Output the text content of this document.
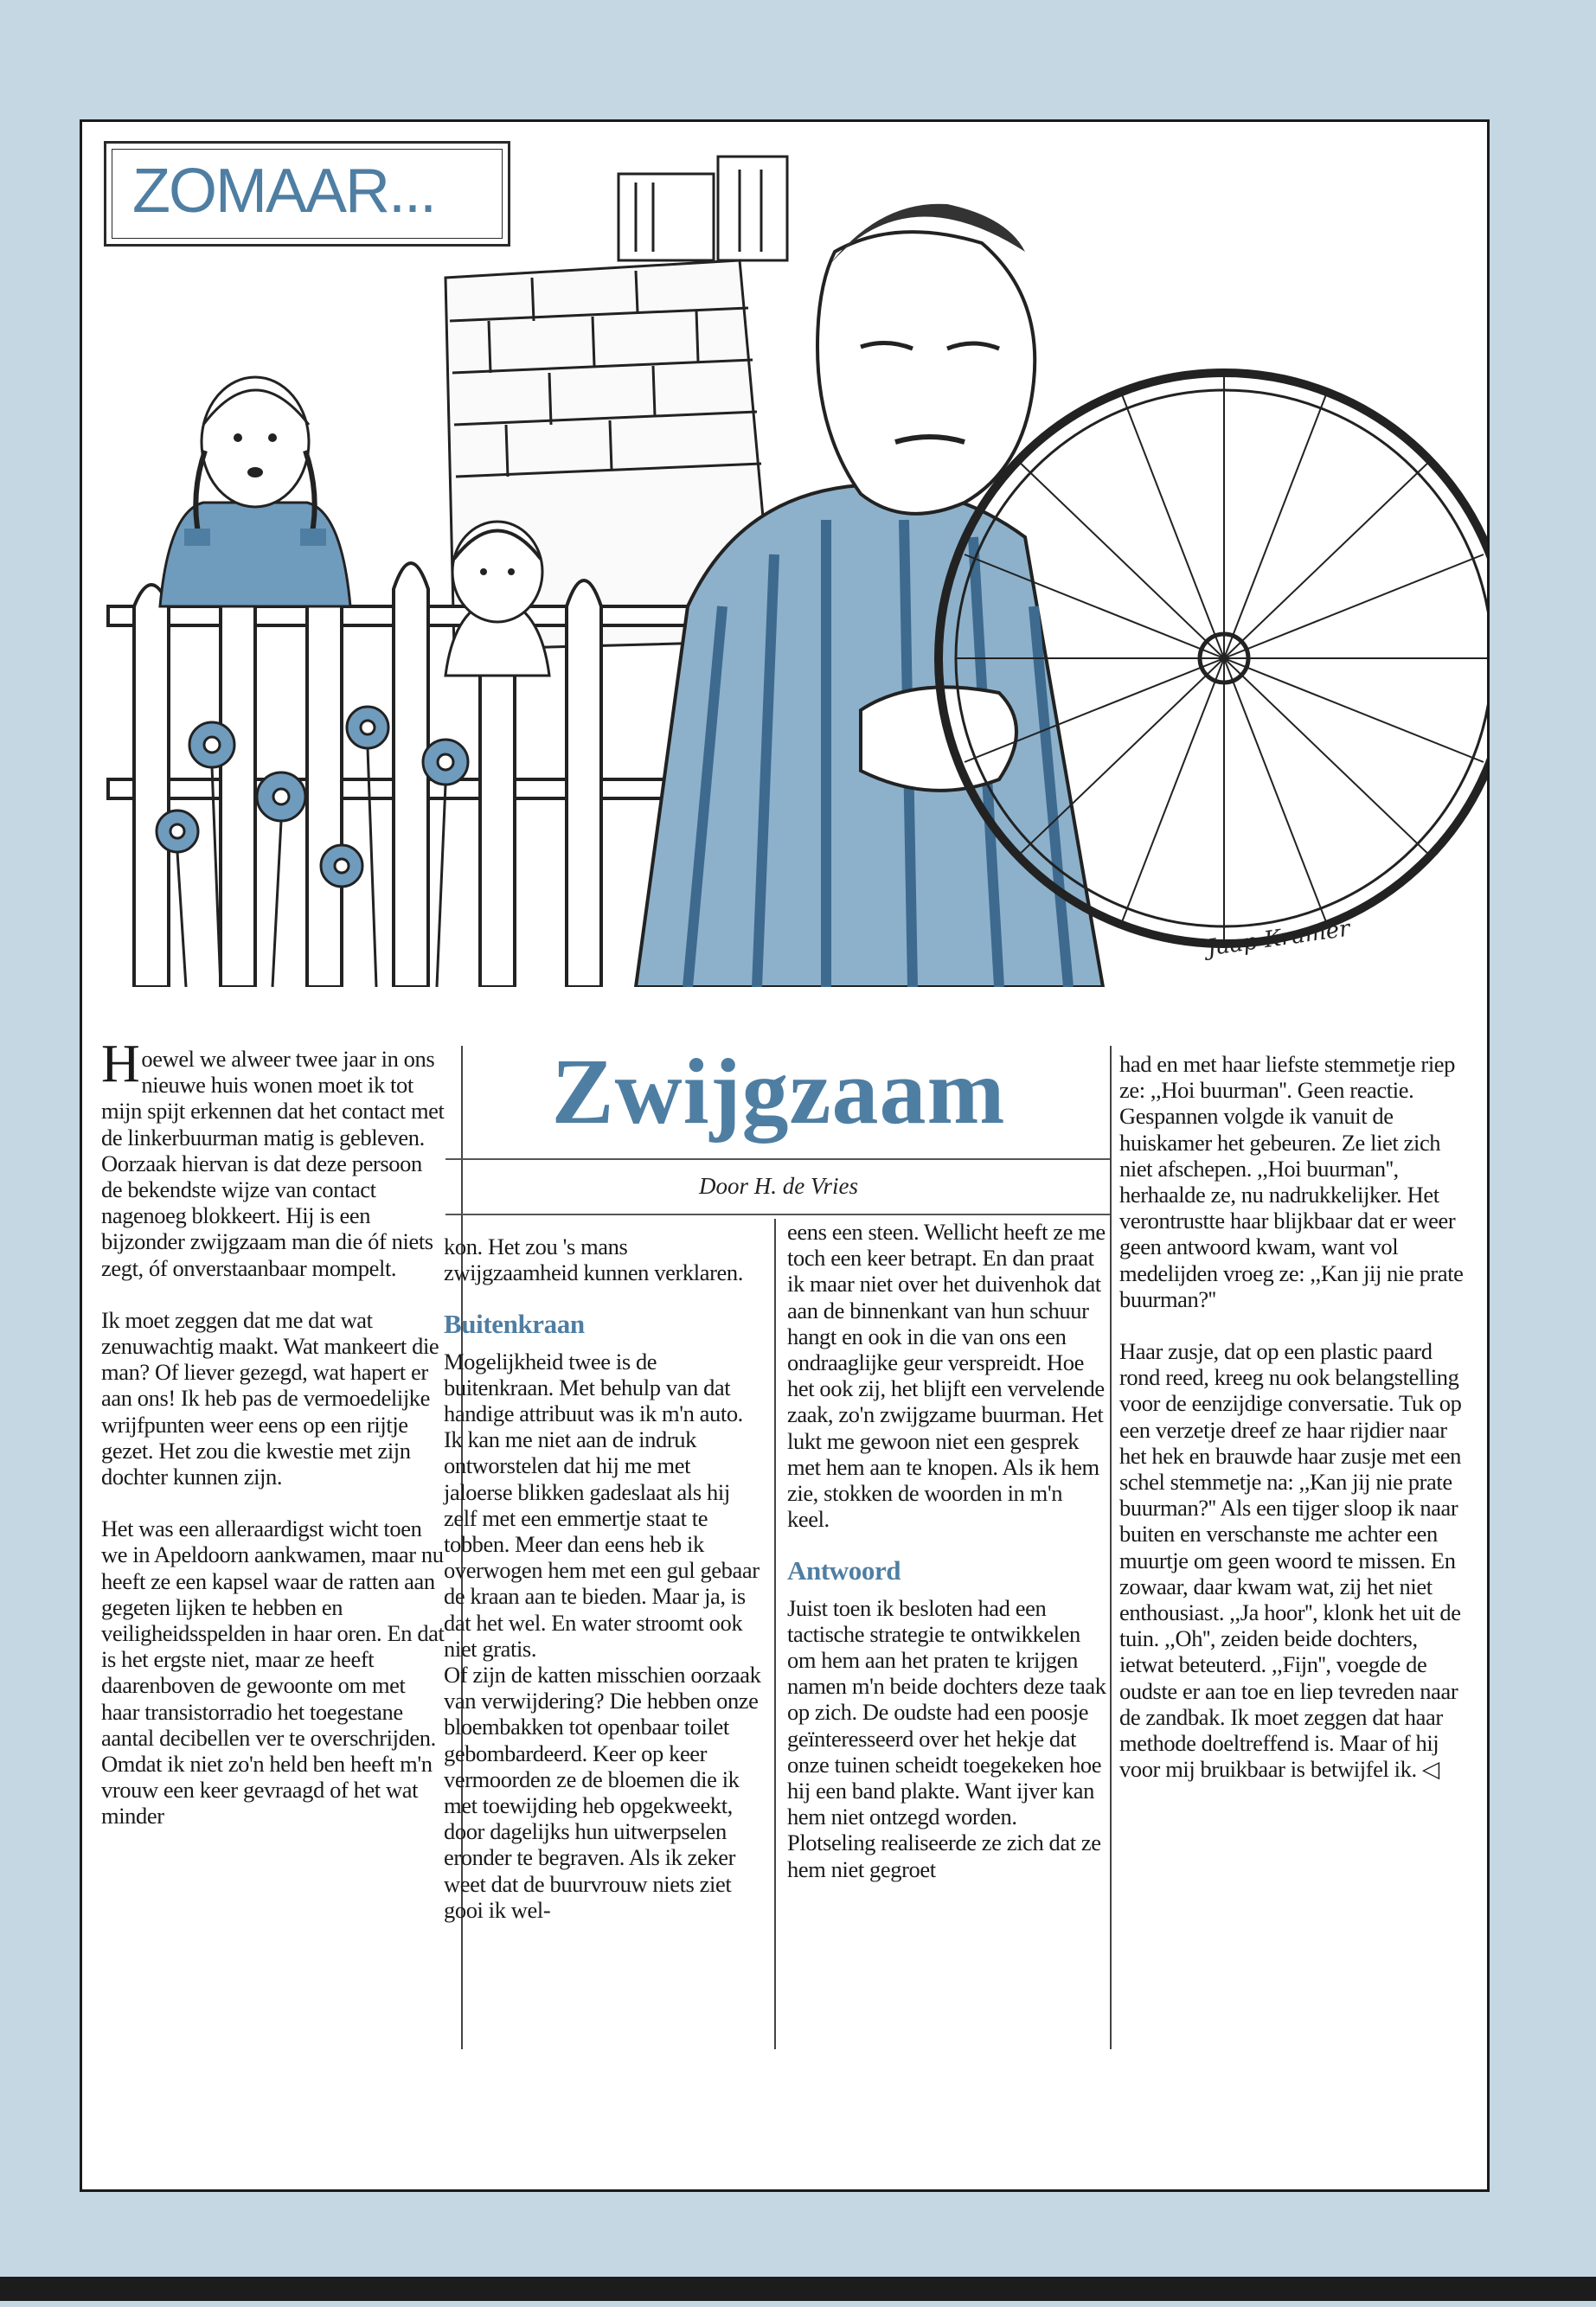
ZOMAAR...
Jaap Kramer

Hoewel we alweer twee jaar in ons nieuwe huis wonen moet ik tot mijn spijt erkennen dat het contact met de linkerbuurman matig is gebleven. Oorzaak hiervan is dat deze persoon de bekendste wijze van contact nagenoeg blokkeert. Hij is een bijzonder zwijgzaam man die óf niets zegt, óf onverstaanbaar mompelt.

Ik moet zeggen dat me dat wat zenuwachtig maakt. Wat mankeert die man? Of liever gezegd, wat hapert er aan ons! Ik heb pas de vermoedelijke wrijfpunten weer eens op een rijtje gezet. Het zou die kwestie met zijn dochter kunnen zijn.

Het was een alleraardigst wicht toen we in Apeldoorn aankwamen, maar nu heeft ze een kapsel waar de ratten aan gegeten lijken te hebben en veiligheidsspelden in haar oren. En dat is het ergste niet, maar ze heeft daarenboven de gewoonte om met haar transistorradio het toegestane aantal decibellen ver te overschrijden.

Omdat ik niet zo'n held ben heeft m'n vrouw een keer gevraagd of het wat minder

Zwijgzaam
Door H. de Vries

kon. Het zou 's mans zwijgzaamheid kunnen verklaren.

Buitenkraan

Mogelijkheid twee is de buitenkraan. Met behulp van dat handige attribuut was ik m'n auto. Ik kan me niet aan de indruk ontworstelen dat hij me met jaloerse blikken gadeslaat als hij zelf met een emmertje staat te tobben. Meer dan eens heb ik overwogen hem met een gul gebaar de kraan aan te bieden. Maar ja, is dat het wel. En water stroomt ook niet gratis.

Of zijn de katten misschien oorzaak van verwijdering? Die hebben onze bloembakken tot openbaar toilet gebombardeerd. Keer op keer vermoorden ze de bloemen die ik met toewijding heb opgekweekt, door dagelijks hun uitwerpselen eronder te begraven. Als ik zeker weet dat de buurvrouw niets ziet gooi ik wel-

eens een steen. Wellicht heeft ze me toch een keer betrapt. En dan praat ik maar niet over het duivenhok dat aan de binnenkant van hun schuur hangt en ook in die van ons een ondraaglijke geur verspreidt. Hoe het ook zij, het blijft een vervelende zaak, zo'n zwijgzame buurman. Het lukt me gewoon niet een gesprek met hem aan te knopen. Als ik hem zie, stokken de woorden in m'n keel.

Antwoord

Juist toen ik besloten had een tactische strategie te ontwikkelen om hem aan het praten te krijgen namen m'n beide dochters deze taak op zich. De oudste had een poosje geïnteresseerd over het hekje dat onze tuinen scheidt toegekeken hoe hij een band plakte. Want ijver kan hem niet ontzegd worden.

Plotseling realiseerde ze zich dat ze hem niet gegroet

had en met haar liefste stemmetje riep ze: ,,Hoi buurman''. Geen reactie. Gespannen volgde ik vanuit de huiskamer het gebeuren. Ze liet zich niet afschepen. ,,Hoi buurman'', herhaalde ze, nu nadrukkelijker. Het verontrustte haar blijkbaar dat er weer geen antwoord kwam, want vol medelijden vroeg ze: ,,Kan jij nie prate buurman?''

Haar zusje, dat op een plastic paard rond reed, kreeg nu ook belangstelling voor de eenzijdige conversatie. Tuk op een verzetje dreef ze haar rijdier naar het hek en brauwde haar zusje met een schel stemmetje na: ,,Kan jij nie prate buurman?'' Als een tijger sloop ik naar buiten en verschanste me achter een muurtje om geen woord te missen. En zowaar, daar kwam wat, zij het niet enthousiast. ,,Ja hoor'', klonk het uit de tuin. ,,Oh'', zeiden beide dochters, ietwat beteuterd. ,,Fijn'', voegde de oudste er aan toe en liep tevreden naar de zandbak. Ik moet zeggen dat haar methode doeltreffend is. Maar of hij voor mij bruikbaar is betwijfel ik. ◁
